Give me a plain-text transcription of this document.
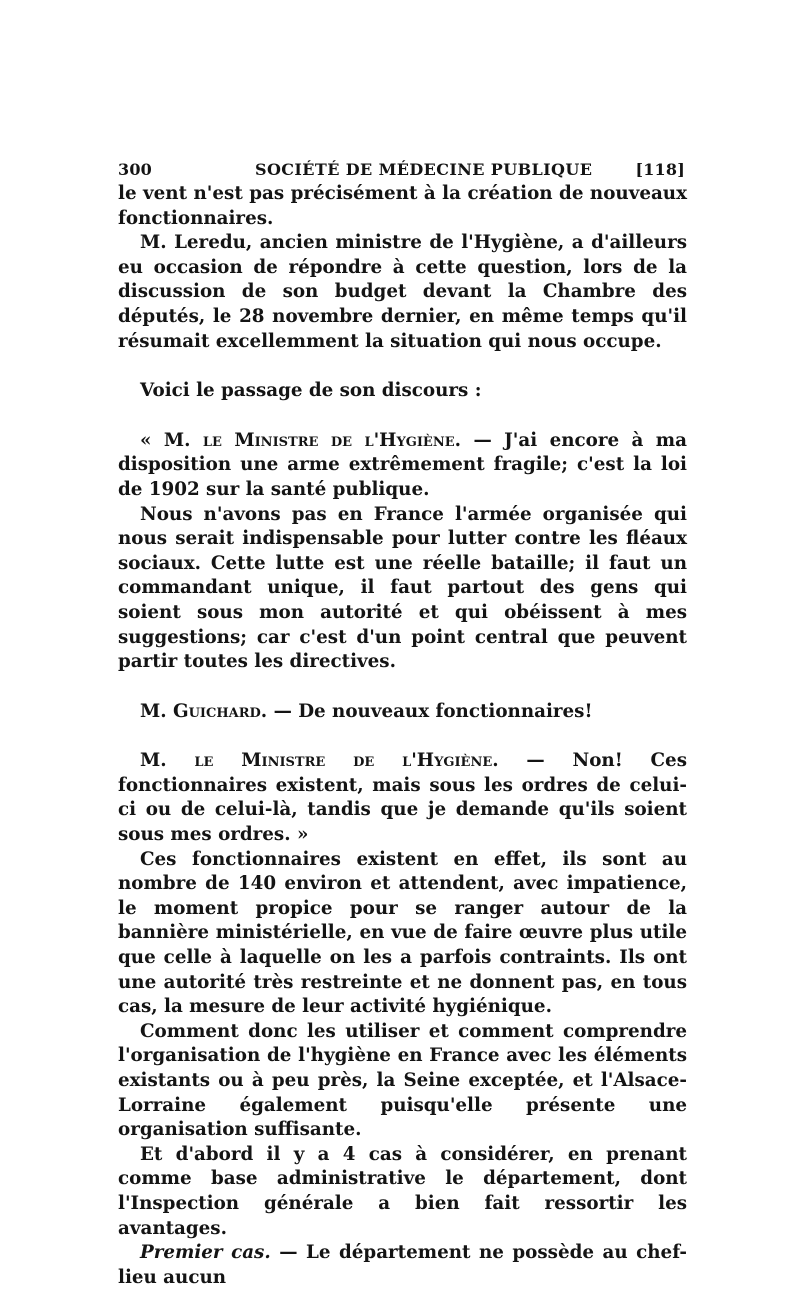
300	SOCIÉTÉ DE MÉDECINE PUBLIQUE	[118]

le vent n'est pas précisément à la création de nouveaux fonctionnaires.

M. Leredu, ancien ministre de l'Hygiène, a d'ailleurs eu occasion de répondre à cette question, lors de la discussion de son budget devant la Chambre des députés, le 28 novembre dernier, en même temps qu'il résumait excellemment la situation qui nous occupe.

Voici le passage de son discours :

« M. le Ministre de l'Hygiène. — J'ai encore à ma disposition une arme extrêmement fragile; c'est la loi de 1902 sur la santé publique.

Nous n'avons pas en France l'armée organisée qui nous serait indispensable pour lutter contre les fléaux sociaux. Cette lutte est une réelle bataille; il faut un commandant unique, il faut partout des gens qui soient sous mon autorité et qui obéissent à mes suggestions; car c'est d'un point central que peuvent partir toutes les directives.

M. Guichard. — De nouveaux fonctionnaires!

M. le Ministre de l'Hygiène. — Non! Ces fonctionnaires existent, mais sous les ordres de celui-ci ou de celui-là, tandis que je demande qu'ils soient sous mes ordres. »

Ces fonctionnaires existent en effet, ils sont au nombre de 140 environ et attendent, avec impatience, le moment propice pour se ranger autour de la bannière ministérielle, en vue de faire œuvre plus utile que celle à laquelle on les a parfois contraints. Ils ont une autorité très restreinte et ne donnent pas, en tous cas, la mesure de leur activité hygiénique.

Comment donc les utiliser et comment comprendre l'organisation de l'hygiène en France avec les éléments existants ou à peu près, la Seine exceptée, et l'Alsace-Lorraine également puisqu'elle présente une organisation suffisante.

Et d'abord il y a 4 cas à considérer, en prenant comme base administrative le département, dont l'Inspection générale a bien fait ressortir les avantages.

Premier cas. — Le département ne possède au chef-lieu aucun
